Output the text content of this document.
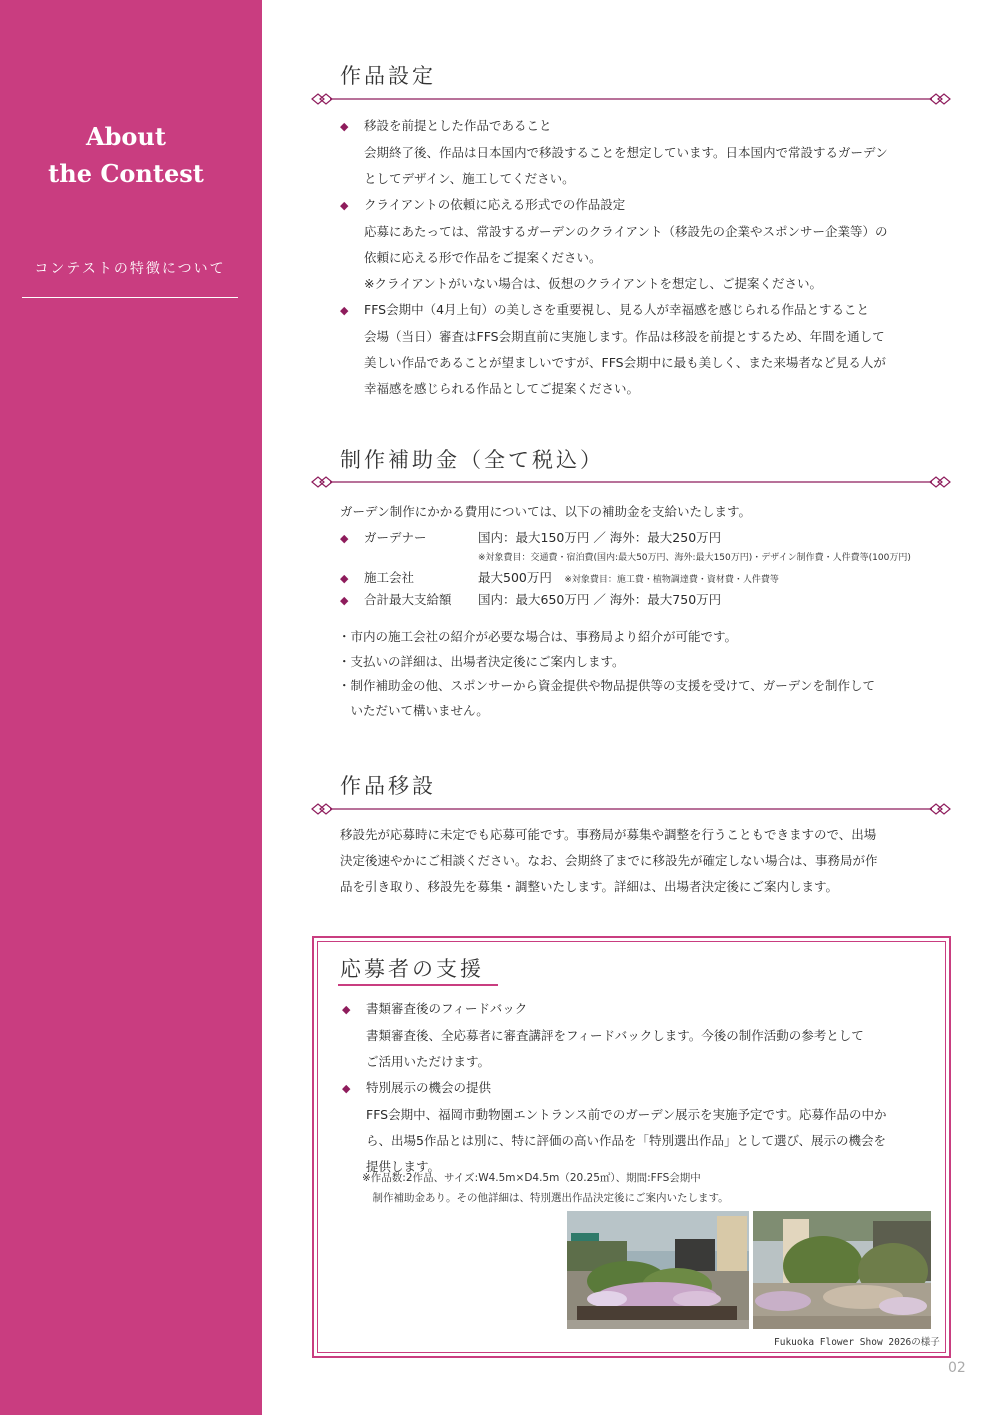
About
the Contest
コンテストの特徴について
作品設定
◆ 移設を前提とした作品であること
会期終了後、作品は日本国内で移設することを想定しています。日本国内で常設するガーデン
としてデザイン、施工してください。
◆ クライアントの依頼に応える形式での作品設定
応募にあたっては、常設するガーデンのクライアント（移設先の企業やスポンサー企業等）の
依頼に応える形で作品をご提案ください。
※クライアントがいない場合は、仮想のクライアントを想定し、ご提案ください。
◆ FFS会期中（4月上旬）の美しさを重要視し、見る人が幸福感を感じられる作品とすること
会場（当日）審査はFFS会期直前に実施します。作品は移設を前提とするため、年間を通して
美しい作品であることが望ましいですが、FFS会期中に最も美しく、また来場者など見る人が
幸福感を感じられる作品としてご提案ください。
制作補助金（全て税込）
ガーデン制作にかかる費用については、以下の補助金を支給いたします。
◆ ガーデナー	国内：最大150万円 ／ 海外：最大250万円
※対象費目：交通費・宿泊費(国内:最大50万円、海外:最大150万円)・デザイン制作費・人件費等(100万円)
◆ 施工会社	最大500万円　 ※対象費目：施工費・植物調達費・資材費・人件費等
◆ 合計最大支給額 国内：最大650万円 ／ 海外：最大750万円
・市内の施工会社の紹介が必要な場合は、事務局より紹介が可能です。
・支払いの詳細は、出場者決定後にご案内します。
・制作補助金の他、スポンサーから資金提供や物品提供等の支援を受けて、ガーデンを制作して
　いただいて構いません。
作品移設
移設先が応募時に未定でも応募可能です。事務局が募集や調整を行うこともできますので、出場
決定後速やかにご相談ください。なお、会期終了までに移設先が確定しない場合は、事務局が作
品を引き取り、移設先を募集・調整いたします。詳細は、出場者決定後にご案内します。
応募者の支援
◆ 書類審査後のフィードバック
書類審査後、全応募者に審査講評をフィードバックします。今後の制作活動の参考として
ご活用いただけます。
◆ 特別展示の機会の提供
FFS会期中、福岡市動物園エントランス前でのガーデン展示を実施予定です。応募作品の中か
ら、出場5作品とは別に、特に評価の高い作品を「特別選出作品」として選び、展示の機会を
提供します。
※作品数:2作品、サイズ:W4.5m×D4.5m（20.25㎡）、期間:FFS会期中
　制作補助金あり。その他詳細は、特別選出作品決定後にご案内いたします。
Fukuoka Flower Show 2026の様子
02
